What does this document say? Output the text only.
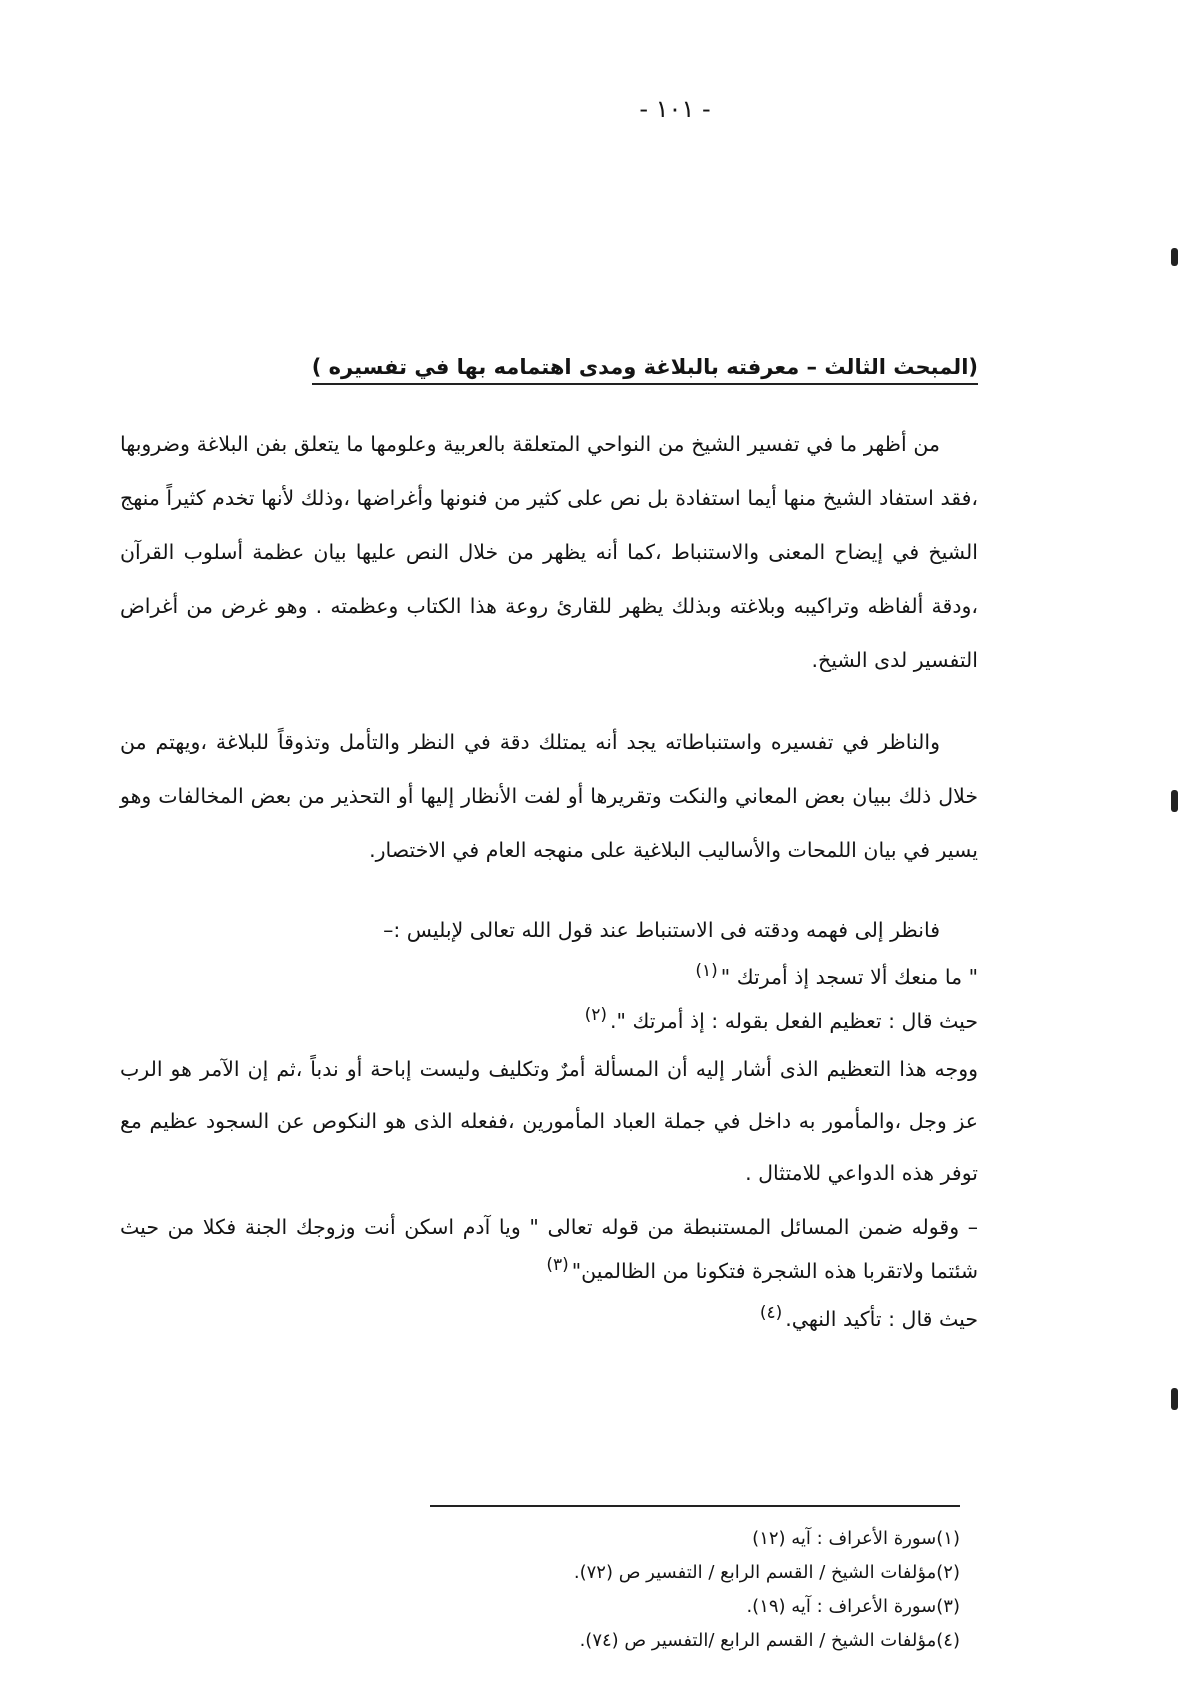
- ١٠١ -
(المبحث الثالث – معرفته بالبلاغة ومدى اهتمامه بها في تفسيره )

من أظهر ما في تفسير الشيخ من النواحي المتعلقة بالعربية وعلومها ما يتعلق بفن البلاغة وضروبها ،فقد استفاد الشيخ منها أيما استفادة بل نص على كثير من فنونها وأغراضها ،وذلك لأنها تخدم كثيراً منهج الشيخ في إيضاح المعنى والاستنباط ،كما أنه يظهر من خلال النص عليها بيان عظمة أسلوب القرآن ،ودقة ألفاظه وتراكيبه وبلاغته وبذلك يظهر للقارئ روعة هذا الكتاب وعظمته . وهو غرض من أغراض التفسير لدى الشيخ.

والناظر في تفسيره واستنباطاته يجد أنه يمتلك دقة في النظر والتأمل وتذوقاً للبلاغة ،ويهتم من خلال ذلك ببيان بعض المعاني والنكت وتقريرها أو لفت الأنظار إليها أو التحذير من بعض المخالفات وهو يسير في بيان اللمحات والأساليب البلاغية على منهجه العام في الاختصار.

فانظر إلى فهمه ودقته فى الاستنباط عند قول الله تعالى لإبليس :–

" ما منعك ألا تسجد إذ أمرتك "$^{(١)}$
حيث قال : تعظيم الفعل بقوله : إذ أمرتك ".$^{(٢)}$

ووجه هذا التعظيم الذى أشار إليه أن المسألة أمرٌ وتكليف وليست إباحة أو ندباً ،ثم إن الآمر هو الرب عز وجل ،والمأمور به داخل في جملة العباد المأمورين ،ففعله الذى هو النكوص عن السجود عظيم مع توفر هذه الدواعي للامتثال .

– وقوله ضمن المسائل المستنبطة من قوله تعالى " ويا آدم اسكن أنت وزوجك الجنة فكلا من حيث شئتما ولاتقربا هذه الشجرة فتكونا من الظالمين"$^{(٣)}$

حيث قال : تأكيد النهي.$^{(٤)}$
(١)سورة الأعراف : آيه (١٢)
(٢)مؤلفات الشيخ / القسم الرابع / التفسير ص (٧٢).
(٣)سورة الأعراف : آيه (١٩).
(٤)مؤلفات الشيخ / القسم الرابع /التفسير ص (٧٤).
